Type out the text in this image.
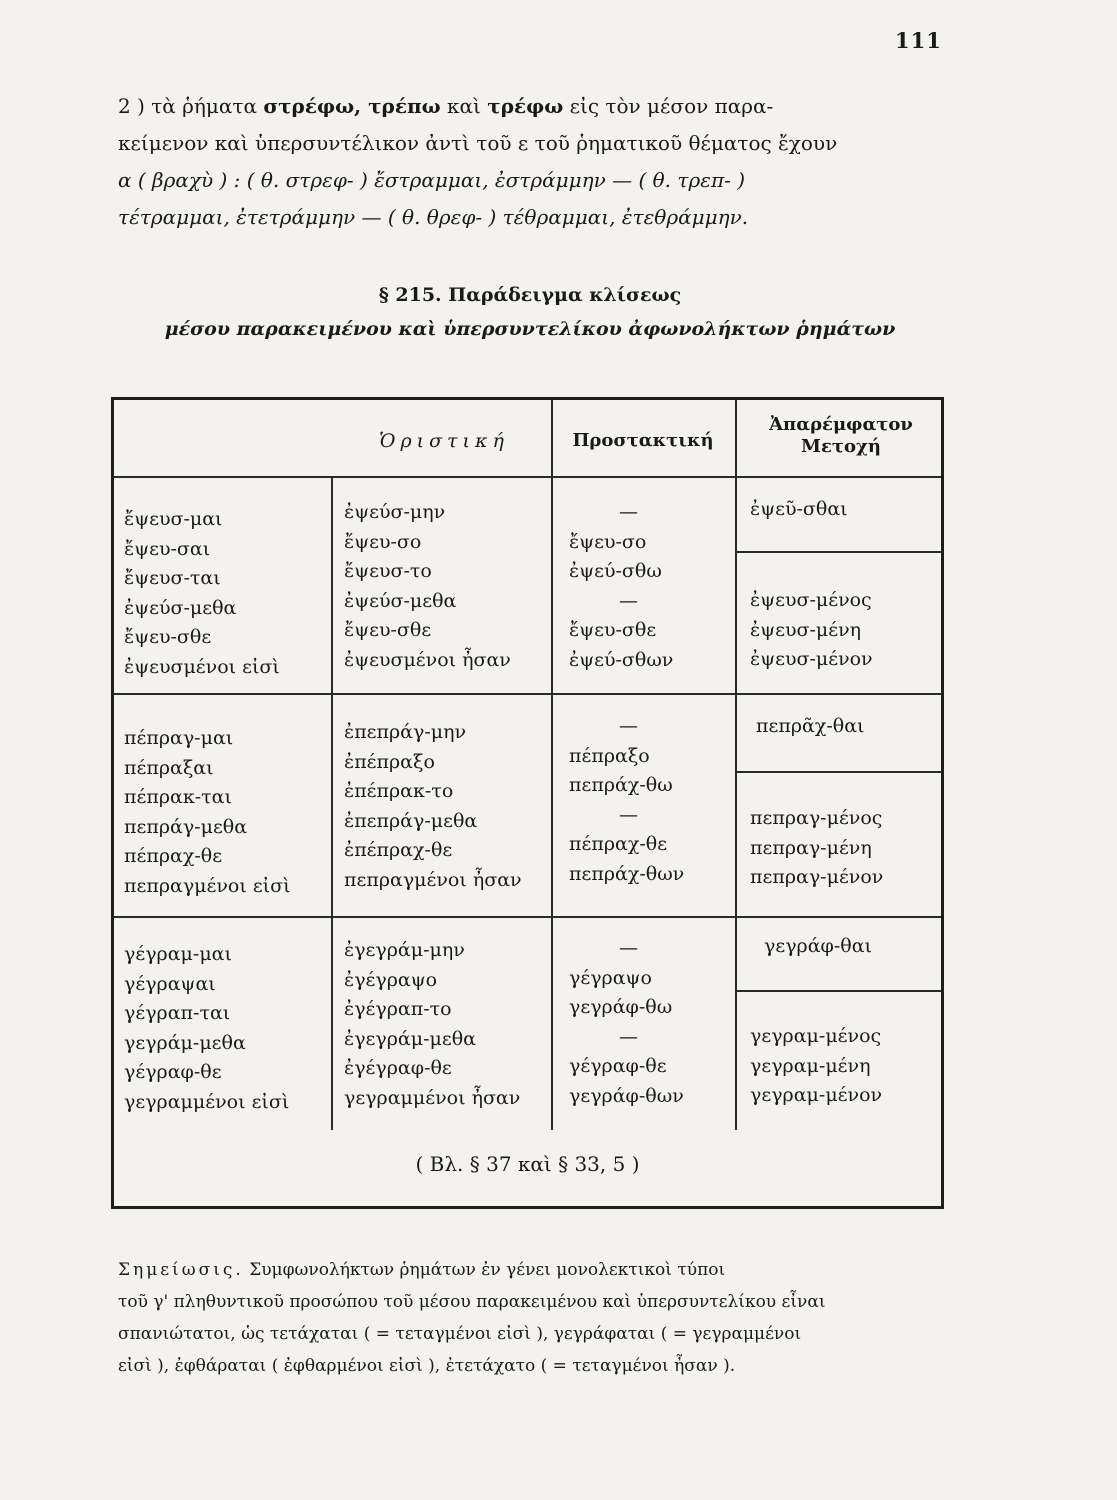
111

2 ) τὰ ῥήματα στρέφω, τρέπω καὶ τρέφω εἰς τὸν μέσον παρα-

κείμενον καὶ ὑπερσυντέλικον ἀντὶ τοῦ ε τοῦ ῥηματικοῦ θέματος ἔχουν

α ( βραχὺ ) : ( θ. στρεφ- ) ἔστραμμαι, ἐστράμμην — ( θ. τρεπ- )

τέτραμμαι, ἐτετράμμην — ( θ. θρεφ- ) τέθραμμαι, ἐτεθράμμην.

§ 215. Παράδειγμα κλίσεως
μέσου παρακειμένου καὶ ὑπερσυντελίκου ἀφωνολήκτων ῥημάτων
Ὁριστική	Προστακτική
Ἀπαρέμφατον
Μετοχή
ἔψευσ-μαι
ἔψευ-σαι
ἔψευσ-ται
ἐψεύσ-μεθα
ἔψευ-σθε
ἐψευσμένοι εἰσὶ
ἐψεύσ-μην
ἔψευ-σο
ἔψευσ-το
ἐψεύσ-μεθα
ἔψευ-σθε
ἐψευσμένοι ἦσαν
—
ἔψευ-σο
ἐψεύ-σθω
—
ἔψευ-σθε
ἐψεύ-σθων
ἐψεῦ-σθαι
ἐψευσ-μένος
ἐψευσ-μένη
ἐψευσ-μένον
πέπραγ-μαι
πέπραξαι
πέπρακ-ται
πεπράγ-μεθα
πέπραχ-θε
πεπραγμένοι εἰσὶ
ἐπεπράγ-μην
ἐπέπραξο
ἐπέπρακ-το
ἐπεπράγ-μεθα
ἐπέπραχ-θε
πεπραγμένοι ἦσαν
—
πέπραξο
πεπράχ-θω
—
πέπραχ-θε
πεπράχ-θων
πεπρᾶχ-θαι
πεπραγ-μένος
πεπραγ-μένη
πεπραγ-μένον
γέγραμ-μαι
γέγραψαι
γέγραπ-ται
γεγράμ-μεθα
γέγραφ-θε
γεγραμμένοι εἰσὶ
ἐγεγράμ-μην
ἐγέγραψο
ἐγέγραπ-το
ἐγεγράμ-μεθα
ἐγέγραφ-θε
γεγραμμένοι ἦσαν
—
γέγραψο
γεγράφ-θω
—
γέγραφ-θε
γεγράφ-θων
γεγράφ-θαι
γεγραμ-μένος
γεγραμ-μένη
γεγραμ-μένον
( Βλ. § 37 καὶ § 33, 5 )

Σημείωσις. Συμφωνολήκτων ῥημάτων ἐν γένει μονολεκτικοὶ τύποι

τοῦ γ' πληθυντικοῦ προσώπου τοῦ μέσου παρακειμένου καὶ ὑπερσυντελίκου εἶναι

σπανιώτατοι, ὡς τετάχαται ( = τεταγμένοι εἰσὶ ), γεγράφαται ( = γεγραμμένοι

εἰσὶ ), ἐφθάραται ( ἐφθαρμένοι εἰσὶ ), ἐτετάχατο ( = τεταγμένοι ἦσαν ).
